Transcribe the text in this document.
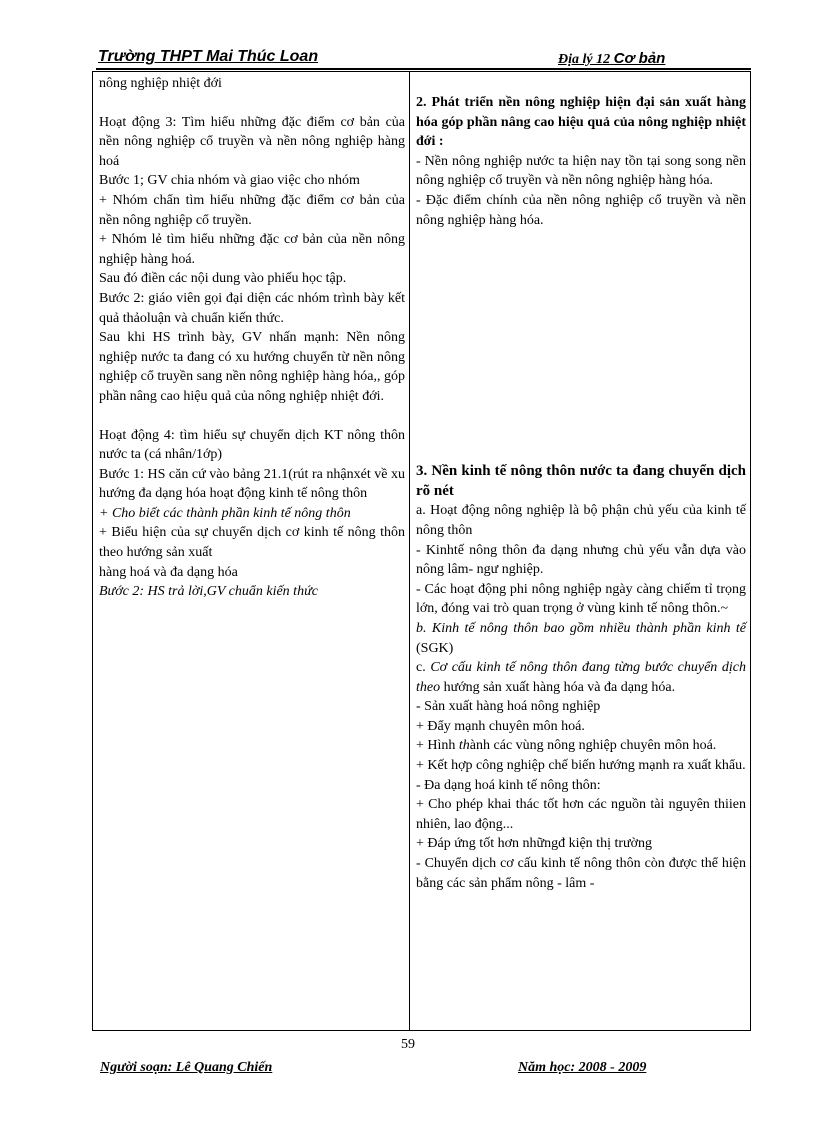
Trường THPT Mai Thúc Loan	Địa lý 12 Cơ bản

nông nghiệp nhiệt đới

Hoạt động 3: Tìm hiểu những đặc điểm cơ bản của nền nông nghiệp cổ truyền và nền nông nghiệp hàng hoá

Bước 1; GV chia nhóm và giao việc cho nhóm

+ Nhóm chẩn tìm hiểu những đặc điểm cơ bản của nền nông nghiệp cổ truyền.

+ Nhóm lẻ tìm hiểu những đặc cơ bản của nền nông nghiệp hàng hoá.

Sau đó điền các nội dung vào phiếu học tập.

Bước 2: giáo viên gọi đại diện các nhóm trình bày kết quả thảoluận và chuẩn kiến thức.

Sau khi HS trình bày, GV nhấn mạnh: Nền nông nghiệp nước ta đang có xu hướng chuyển từ nền nông nghiệp cổ truyền sang nền nông nghiệp hàng hóa,, góp phần nâng cao hiệu quả của nông nghiệp nhiệt đới.

Hoạt động 4: tìm hiểu sự chuyển dịch KT nông thôn nước ta (cá nhân/1ớp)

Bước 1: HS căn cứ vào bảng 21.1(rút ra nhậnxét về xu hướng đa dạng hóa hoạt động kinh tế nông thôn

+ Cho biết các thành phần kinh tế nông thôn

+ Biểu hiện của sự chuyển dịch cơ kinh tế nông thôn theo hướng sản xuất

hàng hoá và đa dạng hóa

Bước 2: HS trả lời,GV chuẩn kiến thức

2. Phát triển nền nông nghiệp hiện đại sản xuất hàng hóa góp phần nâng cao hiệu quả của nông nghiệp nhiệt đới :

- Nền nông nghiệp nước ta hiện nay tồn tại song song nền nông nghiệp cổ truyền và nền nông nghiệp hàng hóa.

- Đặc điểm chính của nền nông nghiệp cổ truyền và nền nông nghiệp hàng hóa.

3. Nền kinh tế nông thôn nước ta đang chuyển dịch rõ nét

a. Hoạt động nông nghiệp là bộ phận chủ yếu của kinh tế nông thôn

- Kinhtế nông thôn đa dạng nhưng chủ yếu vẫn dựa vào nông lâm- ngư nghiệp.

- Các hoạt động phi nông nghiệp ngày càng chiếm tỉ trọng lớn, đóng vai trò quan trọng ở vùng kinh tế nông thôn.~

b. Kinh tế nông thôn bao gồm nhiều thành phần kinh tế (SGK)

c. Cơ cấu kinh tế nông thôn đang từng bước chuyển dịch theo hướng sản xuất hàng hóa và đa dạng hóa.

- Sản xuất hàng hoá nông nghiệp

+ Đẩy mạnh chuyên môn hoá.

+ Hình thành các vùng nông nghiệp chuyên môn hoá.

+ Kết hợp công nghiệp chế biến hướng mạnh ra xuất khẩu.

- Đa dạng hoá kinh tế nông thôn:

+ Cho phép khai thác tốt hơn các nguồn tài nguyên thiien nhiên, lao động...

+ Đáp ứng tốt hơn nhữngđ kiện thị trường

- Chuyển dịch cơ cấu kinh tế nông thôn còn được thể hiện bằng các sản phẩm nông - lâm -

59
Người soạn: Lê Quang Chiến	Năm học: 2008 - 2009
